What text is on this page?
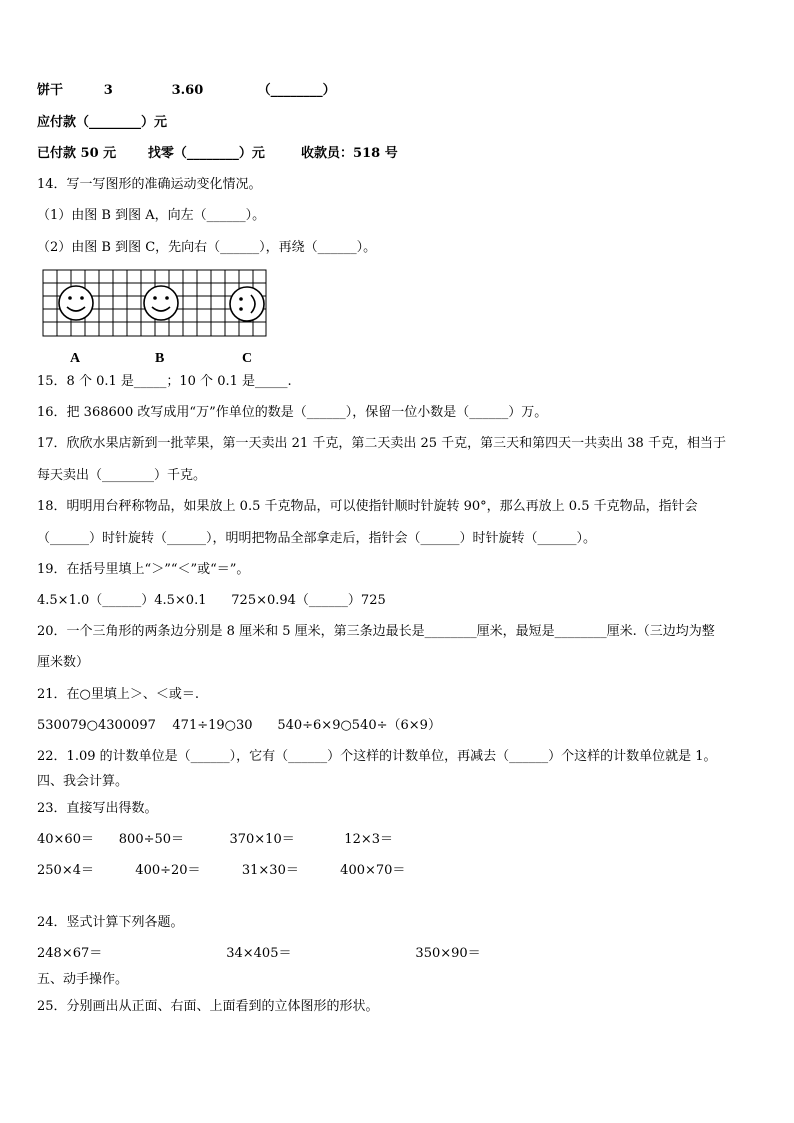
饼干         3             3.60            （________）
应付款（________）元
已付款 50 元       找零（________）元        收款员：518 号
14．写一写图形的准确运动变化情况。
（1）由图 B 到图 A，向左（______）。
（2）由图 B 到图 C，先向右（______），再绕（______）。
A	B	C
15．8 个 0.1 是_____；10 个 0.1 是_____.
16．把 368600 改写成用“万”作单位的数是（______），保留一位小数是（______）万。
17．欣欣水果店新到一批苹果，第一天卖出 21 千克，第二天卖出 25 千克，第三天和第四天一共卖出 38 千克，相当于
每天卖出（________）千克。
18．明明用台秤称物品，如果放上 0.5 千克物品，可以使指针顺时针旋转 90°，那么再放上 0.5 千克物品，指针会
（______）时针旋转（______），明明把物品全部拿走后，指针会（______）时针旋转（______）。
19．在括号里填上“＞”“＜”或“＝”。
4.5×1.0（______）4.5×0.1      725×0.94（______）725
20．一个三角形的两条边分别是 8 厘米和 5 厘米，第三条边最长是________厘米，最短是________厘米.（三边均为整
厘米数）
21．在○里填上＞、＜或＝.
530079○4300097    471÷19○30      540÷6×9○540÷（6×9）
22．1.09 的计数单位是（______），它有（______）个这样的计数单位，再减去（______）个这样的计数单位就是 1。
四、我会计算。
23．直接写出得数。
40×60＝      800÷50＝           370×10＝            12×3＝
250×4＝          400÷20＝          31×30＝          400×70＝
24．竖式计算下列各题。
248×67＝                              34×405＝                              350×90＝
五、动手操作。
25．分别画出从正面、右面、上面看到的立体图形的形状。
